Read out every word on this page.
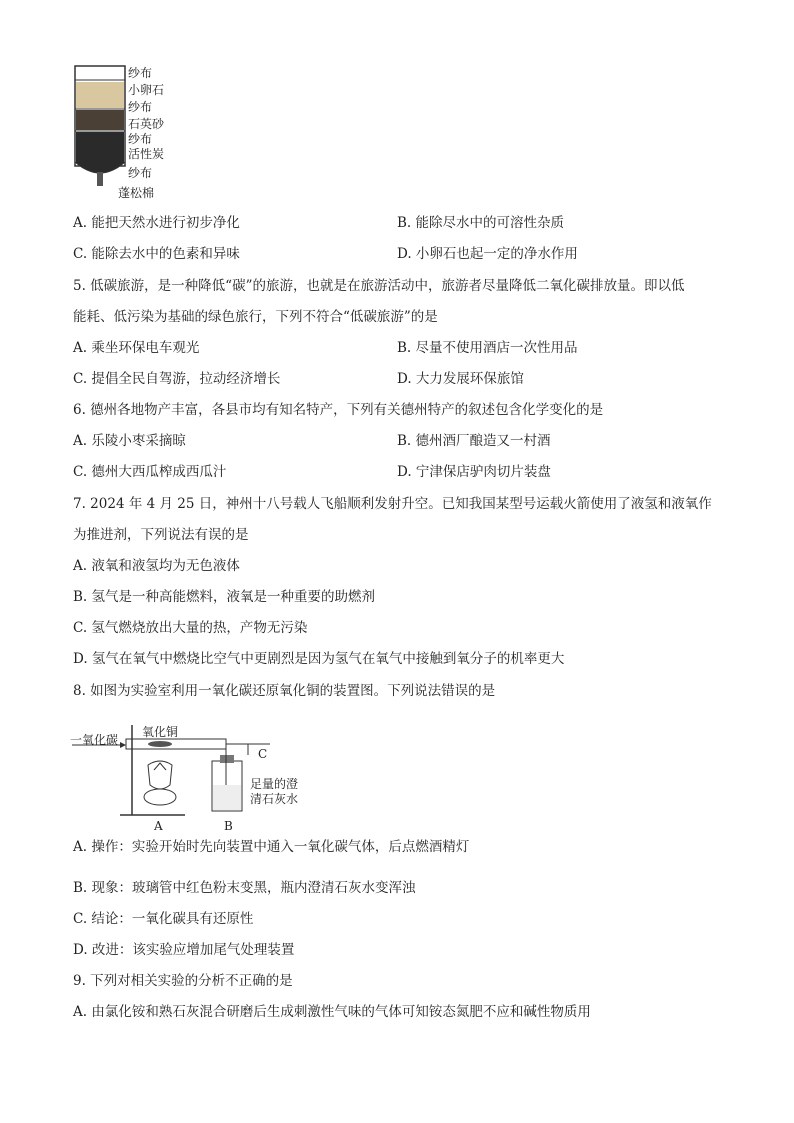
纱布
小卵石
纱布
石英砂
纱布
活性炭
纱布
蓬松棉
A. 能把天然水进行初步净化	B. 能除尽水中的可溶性杂质
C. 能除去水中的色素和异味	D. 小卵石也起一定的净水作用
5. 低碳旅游，是一种降低“碳”的旅游，也就是在旅游活动中，旅游者尽量降低二氧化碳排放量。即以低
能耗、低污染为基础的绿色旅行，下列不符合“低碳旅游”的是
A. 乘坐环保电车观光	B. 尽量不使用酒店一次性用品
C. 提倡全民自驾游，拉动经济增长	D. 大力发展环保旅馆
6. 德州各地物产丰富，各县市均有知名特产，下列有关德州特产的叙述包含化学变化的是
A. 乐陵小枣采摘晾	B. 德州酒厂酿造又一村酒
C. 德州大西瓜榨成西瓜汁	D. 宁津保店驴肉切片装盘
7. 2024 年 4 月 25 日，神州十八号载人飞船顺利发射升空。已知我国某型号运载火箭使用了液氢和液氧作
为推进剂，下列说法有误的是
A. 液氧和液氢均为无色液体
B. 氢气是一种高能燃料，液氧是一种重要的助燃剂
C. 氢气燃烧放出大量的热，产物无污染
D. 氢气在氧气中燃烧比空气中更剧烈是因为氢气在氧气中接触到氧分子的机率更大
8. 如图为实验室利用一氧化碳还原氧化铜的装置图。下列说法错误的是
一氧化碳
氧化铜
C
足量的澄
清石灰水
A	B
A. 操作：实验开始时先向装置中通入一氧化碳气体，后点燃酒精灯
B. 现象：玻璃管中红色粉末变黑，瓶内澄清石灰水变浑浊
C. 结论：一氧化碳具有还原性
D. 改进：该实验应增加尾气处理装置
9. 下列对相关实验的分析不正确的是
A. 由氯化铵和熟石灰混合研磨后生成刺激性气味的气体可知铵态氮肥不应和碱性物质用
